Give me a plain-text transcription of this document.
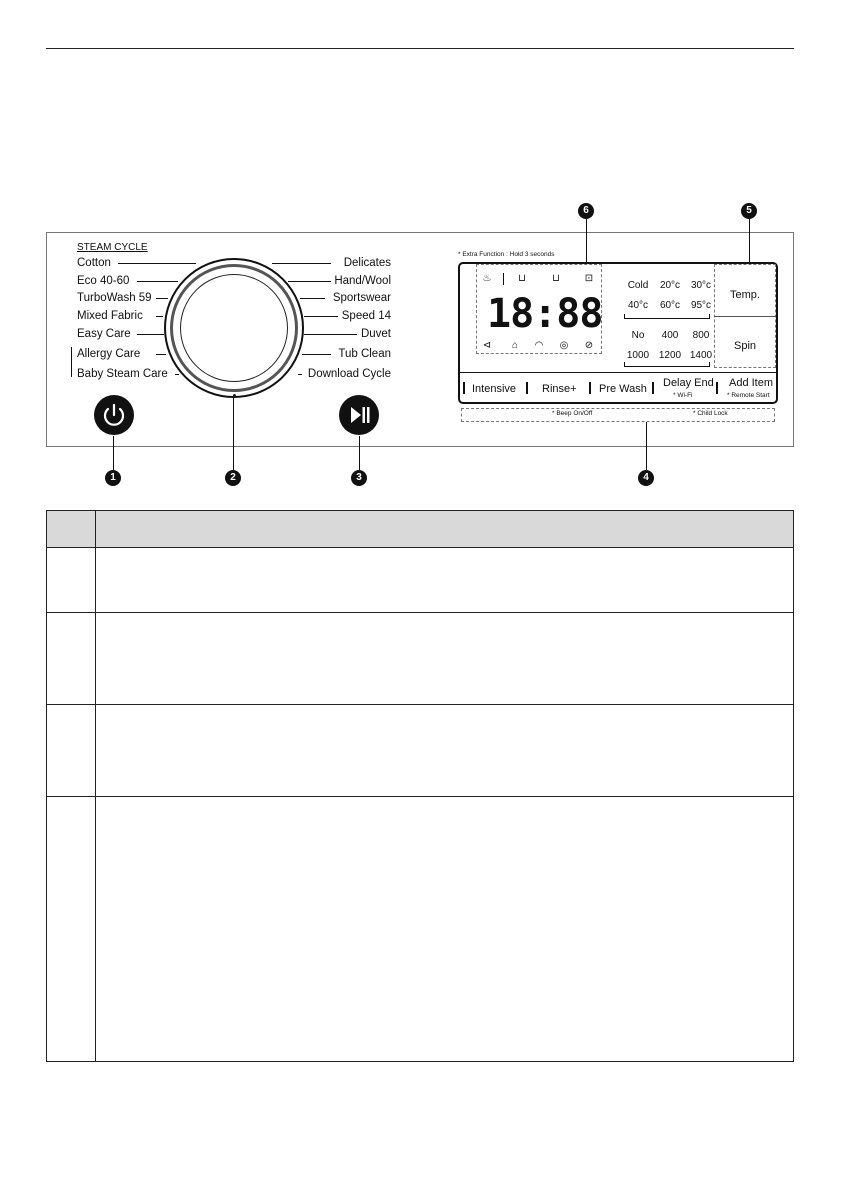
STEAM CYCLE
Cotton
Eco 40-60
TurboWash 59
Mixed Fabric
Easy Care
Allergy Care
Baby Steam Care
Delicates
Hand/Wool
Sportswear
Speed 14
Duvet
Tub Clean
Download Cycle
1	2	3	4
5
6
* Extra Function : Hold 3 seconds
♨	⊔	⊔	⊡
18:88
⊲	⌂	◠	◎	⊘
Cold	20°c	30°c
40°c	60°c	95°c
No	400	800
1000 1200 1400
Temp.
Spin
Intensive Rinse+ Pre Wash Delay End
* Wi-Fi
Add Item
* Remote Start
* Beep On/Off	* Child Lock
